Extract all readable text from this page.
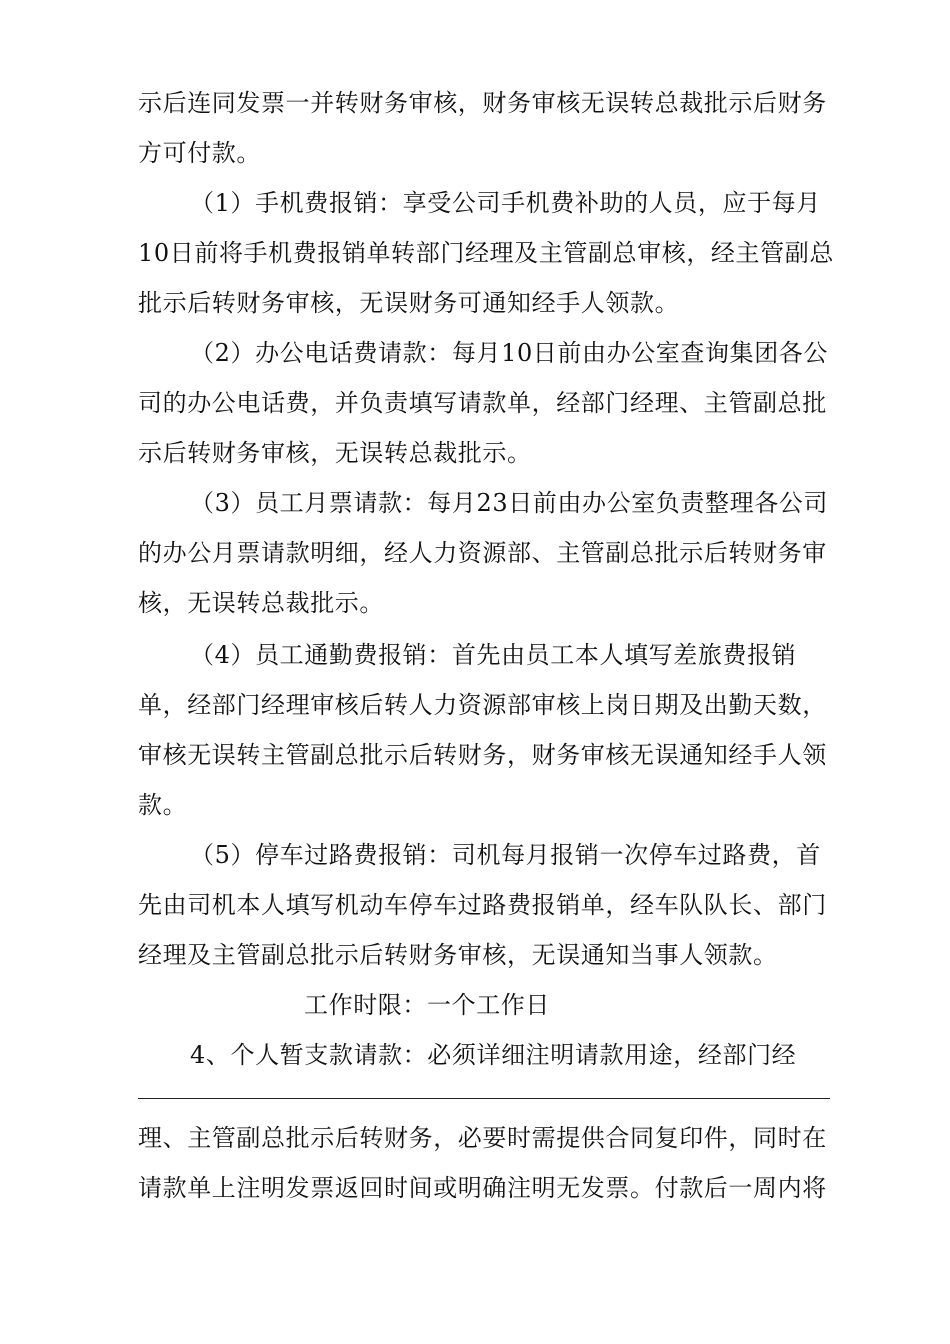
示后连同发票一并转财务审核，财务审核无误转总裁批示后财务
方可付款。
（1）手机费报销：享受公司手机费补助的人员，应于每月
10日前将手机费报销单转部门经理及主管副总审核，经主管副总
批示后转财务审核，无误财务可通知经手人领款。
（2）办公电话费请款：每月10日前由办公室查询集团各公
司的办公电话费，并负责填写请款单，经部门经理、主管副总批
示后转财务审核，无误转总裁批示。
（3）员工月票请款：每月23日前由办公室负责整理各公司
的办公月票请款明细，经人力资源部、主管副总批示后转财务审
核，无误转总裁批示。
（4）员工通勤费报销：首先由员工本人填写差旅费报销
单，经部门经理审核后转人力资源部审核上岗日期及出勤天数，
审核无误转主管副总批示后转财务，财务审核无误通知经手人领
款。
（5）停车过路费报销：司机每月报销一次停车过路费，首
先由司机本人填写机动车停车过路费报销单，经车队队长、部门
经理及主管副总批示后转财务审核，无误通知当事人领款。
工作时限：一个工作日
4、个人暂支款请款：必须详细注明请款用途，经部门经
理、主管副总批示后转财务，必要时需提供合同复印件，同时在
请款单上注明发票返回时间或明确注明无发票。付款后一周内将
